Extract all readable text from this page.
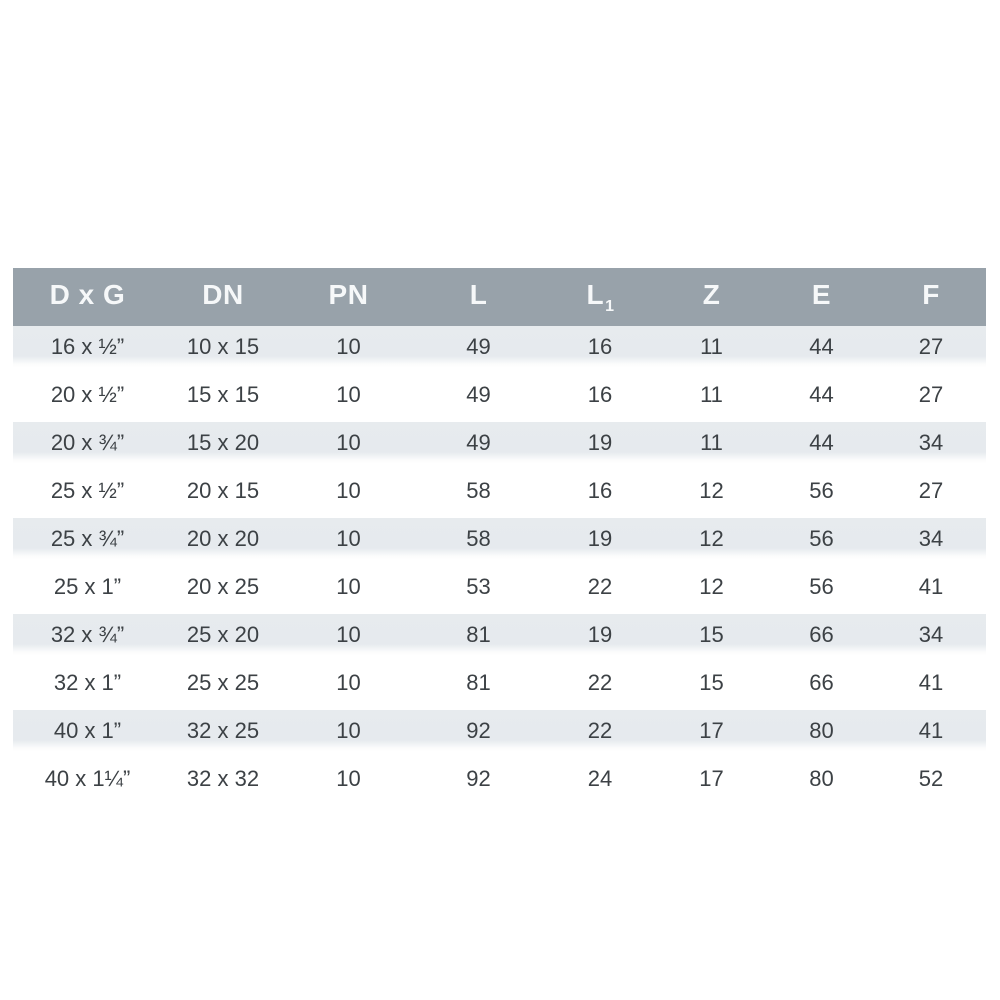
D x G	DN	PN	L	$L_1$	Z	E	F
16 x ½”	10 x 15	10	49	16	11	44	27
20 x ½”	15 x 15	10	49	16	11	44	27
20 x ¾”	15 x 20	10	49	19	11	44	34
25 x ½”	20 x 15	10	58	16	12	56	27
25 x ¾”	20 x 20	10	58	19	12	56	34
25 x 1”	20 x 25	10	53	22	12	56	41
32 x ¾”	25 x 20	10	81	19	15	66	34
32 x 1”	25 x 25	10	81	22	15	66	41
40 x 1”	32 x 25	10	92	22	17	80	41
40 x 1¼”	32 x 32	10	92	24	17	80	52
